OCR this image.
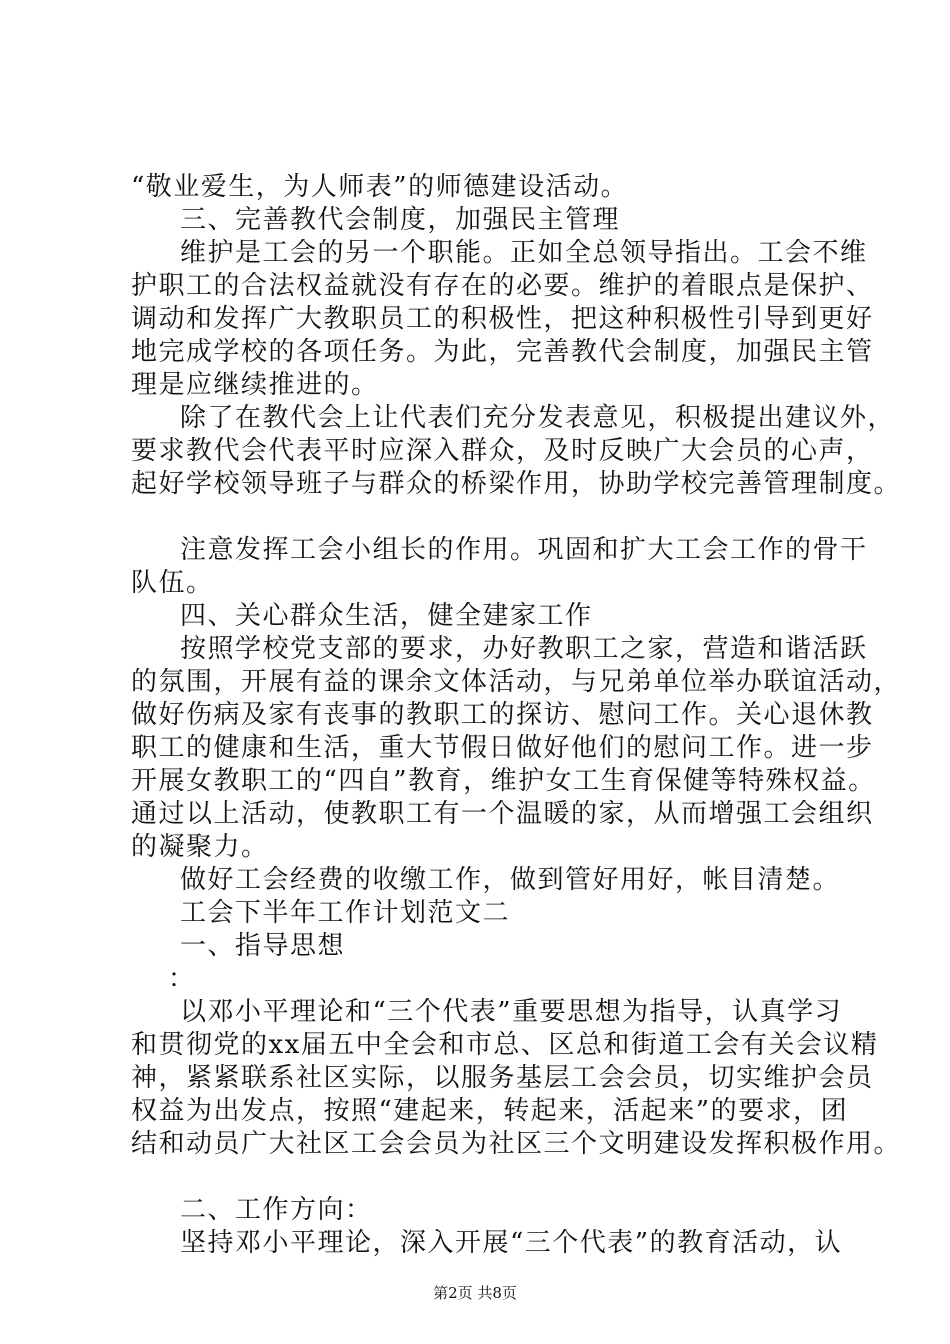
“敬业爱生，为人师表”的师德建设活动。
三、完善教代会制度，加强民主管理
维护是工会的另一个职能。正如全总领导指出。工会不维
护职工的合法权益就没有存在的必要。维护的着眼点是保护、
调动和发挥广大教职员工的积极性，把这种积极性引导到更好
地完成学校的各项任务。为此，完善教代会制度，加强民主管
理是应继续推进的。
除了在教代会上让代表们充分发表意见，积极提出建议外，
要求教代会代表平时应深入群众，及时反映广大会员的心声，
起好学校领导班子与群众的桥梁作用，协助学校完善管理制度。
注意发挥工会小组长的作用。巩固和扩大工会工作的骨干
队伍。
四、关心群众生活，健全建家工作
按照学校党支部的要求，办好教职工之家，营造和谐活跃
的氛围，开展有益的课余文体活动，与兄弟单位举办联谊活动，
做好伤病及家有丧事的教职工的探访、慰问工作。关心退休教
职工的健康和生活，重大节假日做好他们的慰问工作。进一步
开展女教职工的“四自”教育，维护女工生育保健等特殊权益。
通过以上活动，使教职工有一个温暖的家，从而增强工会组织
的凝聚力。
做好工会经费的收缴工作，做到管好用好，帐目清楚。
工会下半年工作计划范文二
一、指导思想
：
以邓小平理论和“三个代表”重要思想为指导，认真学习
和贯彻党的xx届五中全会和市总、区总和街道工会有关会议精
神，紧紧联系社区实际，以服务基层工会会员，切实维护会员
权益为出发点，按照“建起来，转起来，活起来”的要求，团
结和动员广大社区工会会员为社区三个文明建设发挥积极作用。
二、工作方向：
坚持邓小平理论，深入开展“三个代表”的教育活动，认
第2页 共8页
